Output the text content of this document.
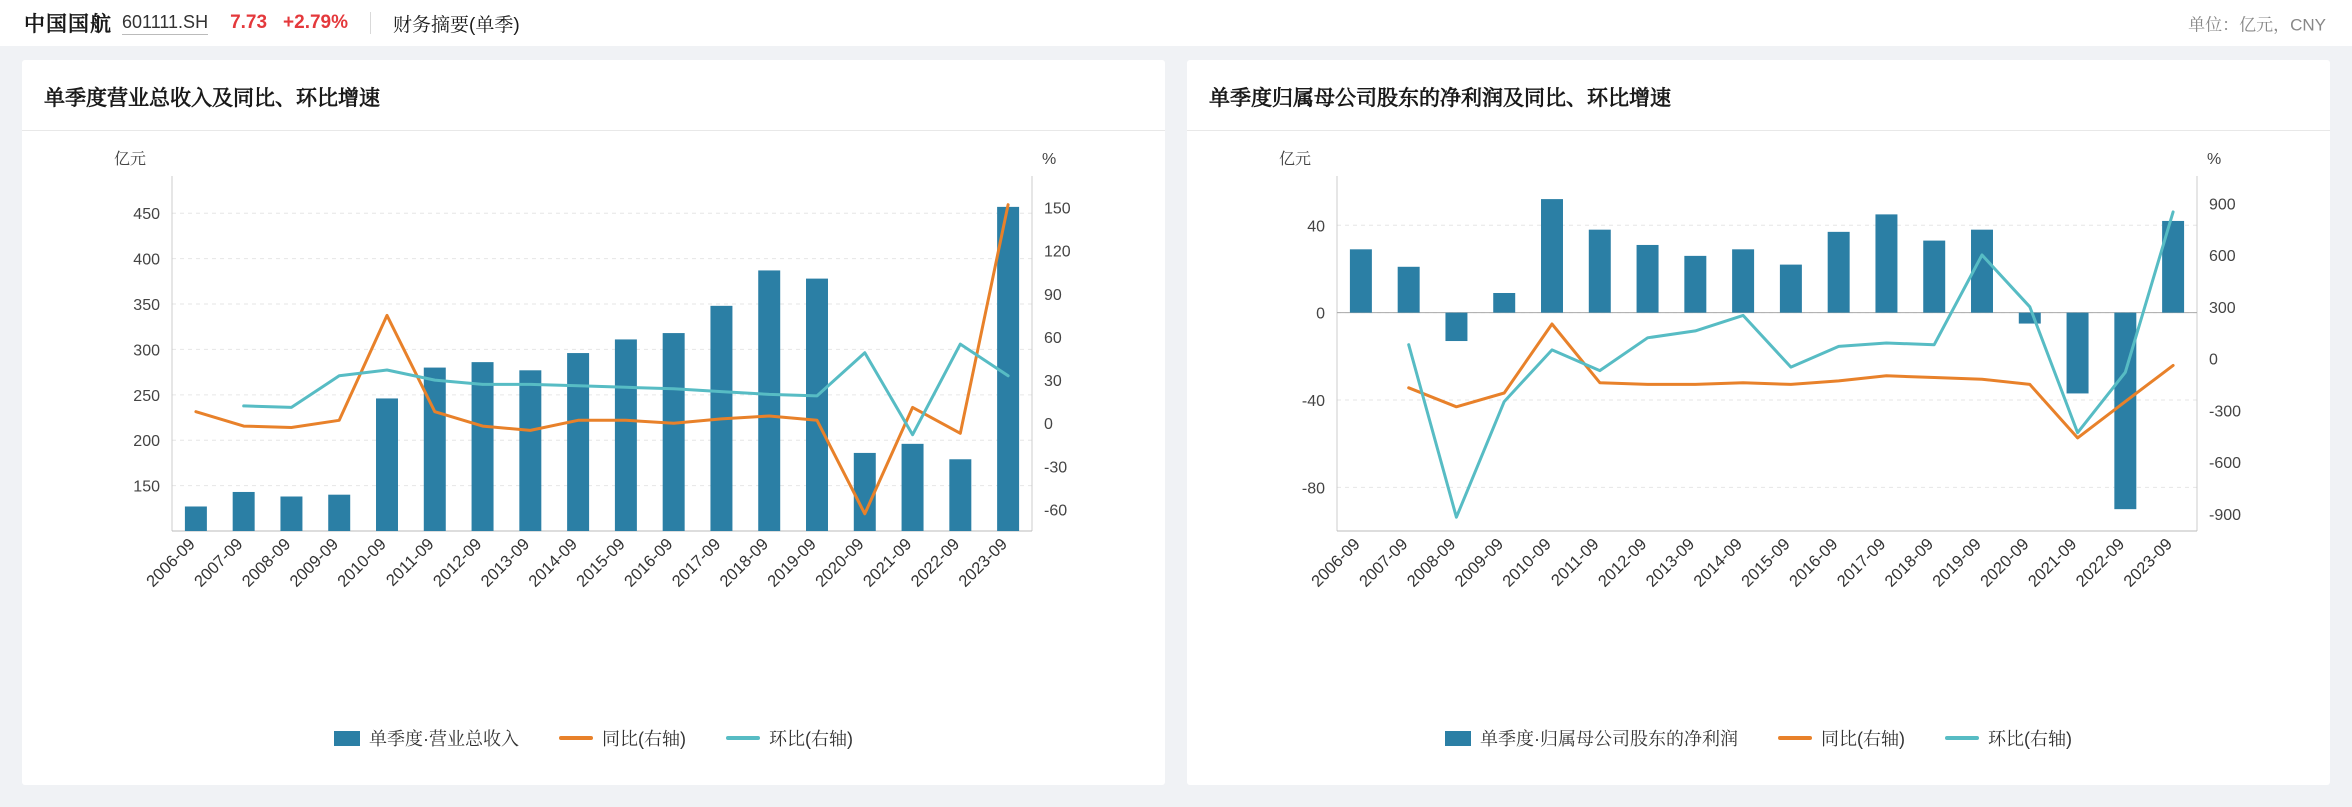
中国国航 601111.SH 7.73 +2.79% 财务摘要(单季)	单位：亿元，CNY
单季度营业总收入及同比、环比增速
150
200
250
300
350
400
450
-60
-30
0
30
60
90
120
150
亿元	%
2006-09
2007-09
2008-09
2009-09
2010-09
2011-09
2012-09
2013-09
2014-09
2015-09
2016-09
2017-09
2018-09
2019-09
2020-09
2021-09
2022-09
2023-09
单季度·营业总收入	同比(右轴)	环比(右轴)
单季度归属母公司股东的净利润及同比、环比增速
-80
-40
0
40
-900
-600
-300
0
300
600
900
亿元	%
2006-09
2007-09
2008-09
2009-09
2010-09
2011-09
2012-09
2013-09
2014-09
2015-09
2016-09
2017-09
2018-09
2019-09
2020-09
2021-09
2022-09
2023-09
单季度·归属母公司股东的净利润	同比(右轴)	环比(右轴)
